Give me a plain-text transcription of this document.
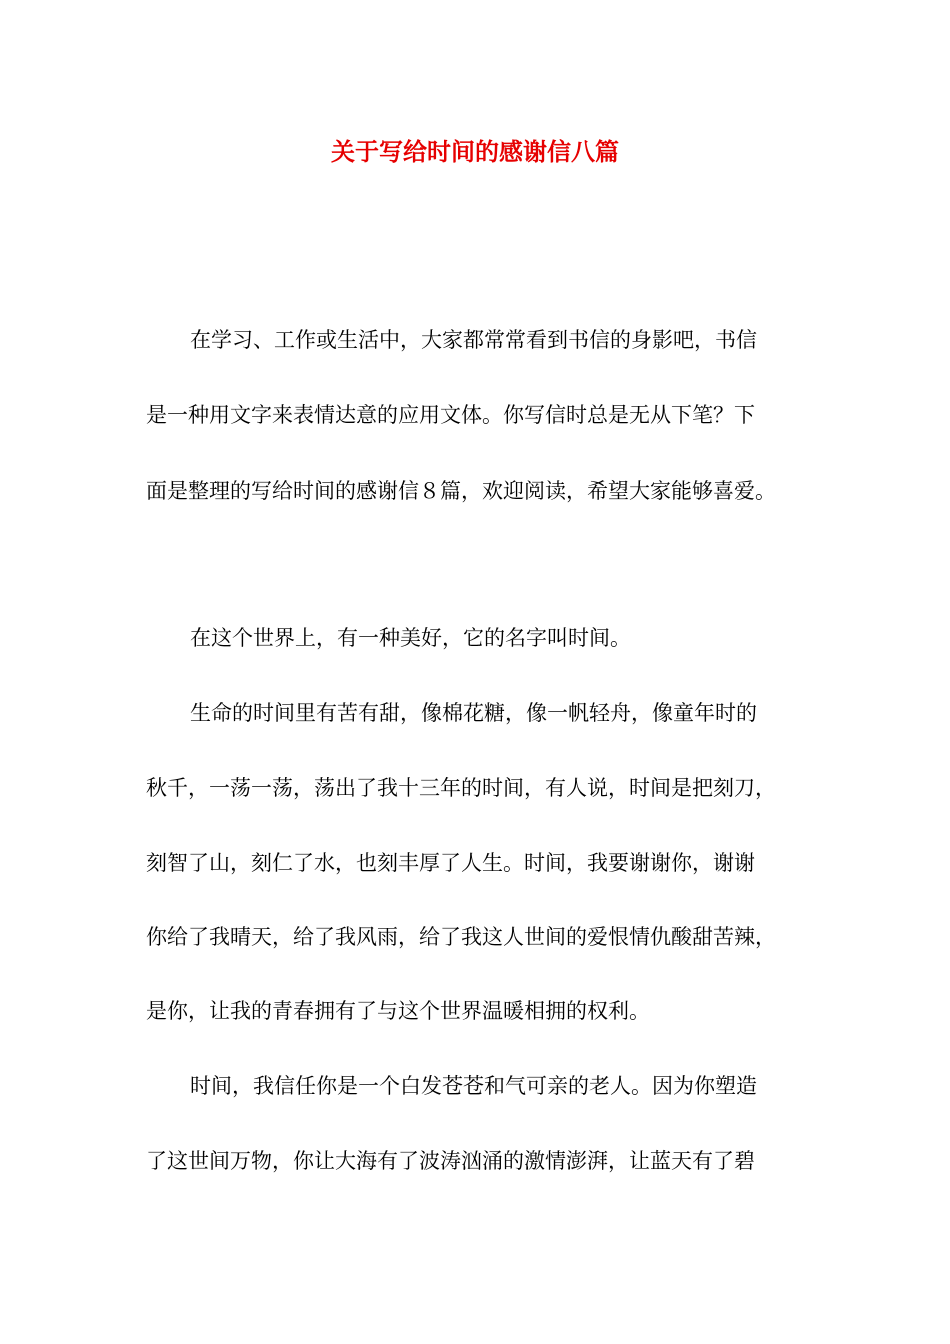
关于写给时间的感谢信八篇
在学习、工作或生活中，大家都常常看到书信的身影吧，书信
是一种用文字来表情达意的应用文体。你写信时总是无从下笔？下
面是整理的写给时间的感谢信８篇，欢迎阅读，希望大家能够喜爱。
在这个世界上，有一种美好，它的名字叫时间。
生命的时间里有苦有甜，像棉花糖，像一帆轻舟，像童年时的
秋千，一荡一荡，荡出了我十三年的时间，有人说，时间是把刻刀，
刻智了山，刻仁了水，也刻丰厚了人生。时间，我要谢谢你，谢谢
你给了我晴天，给了我风雨，给了我这人世间的爱恨情仇酸甜苦辣，
是你，让我的青春拥有了与这个世界温暖相拥的权利。
时间，我信任你是一个白发苍苍和气可亲的老人。因为你塑造
了这世间万物，你让大海有了波涛汹涌的激情澎湃，让蓝天有了碧
